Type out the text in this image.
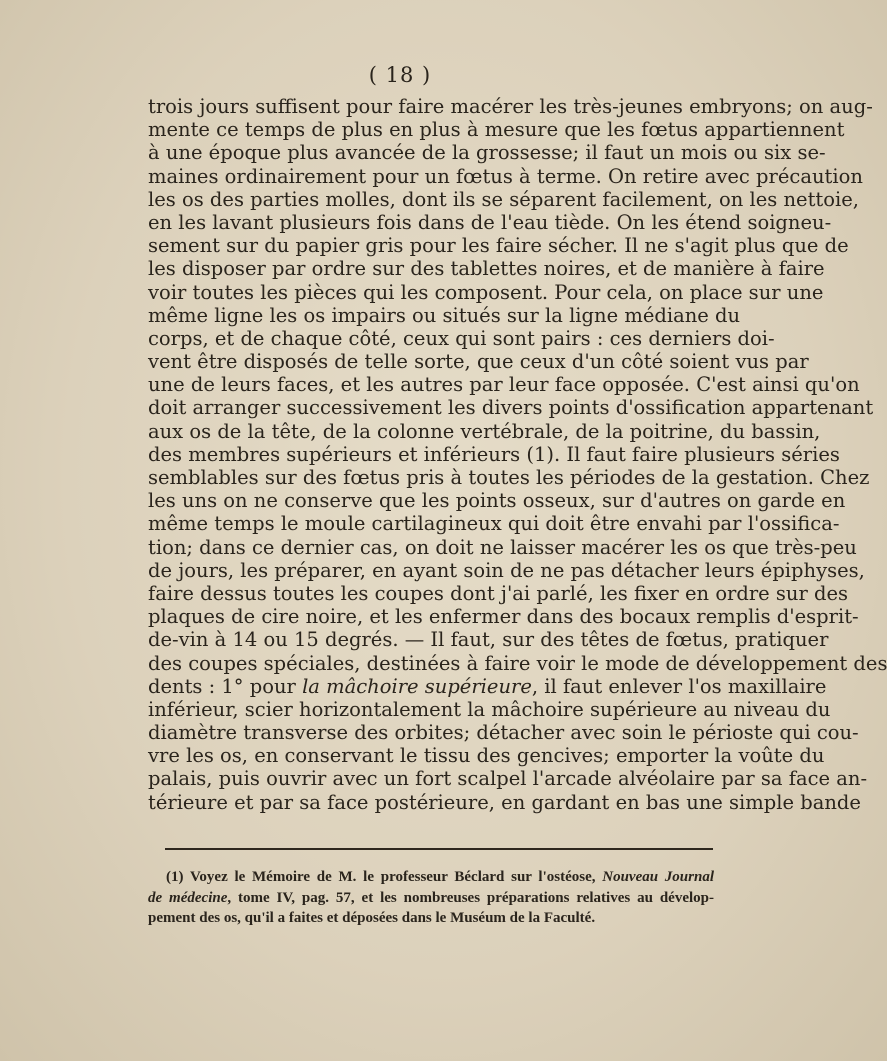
( 18 )
trois jours suffisent pour faire macérer les très-jeunes embryons; on aug-
mente ce temps de plus en plus à mesure que les fœtus appartiennent
à une époque plus avancée de la grossesse; il faut un mois ou six se-
maines ordinairement pour un fœtus à terme. On retire avec précaution
les os des parties molles, dont ils se séparent facilement, on les nettoie,
en les lavant plusieurs fois dans de l'eau tiède. On les étend soigneu-
sement sur du papier gris pour les faire sécher. Il ne s'agit plus que de
les disposer par ordre sur des tablettes noires, et de manière à faire
voir toutes les pièces qui les composent. Pour cela, on place sur une
même ligne les os impairs ou situés sur la ligne médiane du
corps, et de chaque côté, ceux qui sont pairs : ces derniers doi-
vent être disposés de telle sorte, que ceux d'un côté soient vus par
une de leurs faces, et les autres par leur face opposée. C'est ainsi qu'on
doit arranger successivement les divers points d'ossification appartenant
aux os de la tête, de la colonne vertébrale, de la poitrine, du bassin,
des membres supérieurs et inférieurs (1). Il faut faire plusieurs séries
semblables sur des fœtus pris à toutes les périodes de la gestation. Chez
les uns on ne conserve que les points osseux, sur d'autres on garde en
même temps le moule cartilagineux qui doit être envahi par l'ossifica-
tion; dans ce dernier cas, on doit ne laisser macérer les os que très-peu
de jours, les préparer, en ayant soin de ne pas détacher leurs épiphyses,
faire dessus toutes les coupes dont j'ai parlé, les fixer en ordre sur des
plaques de cire noire, et les enfermer dans des bocaux remplis d'esprit-
de-vin à 14 ou 15 degrés. — Il faut, sur des têtes de fœtus, pratiquer
des coupes spéciales, destinées à faire voir le mode de développement des
dents : 1° pour la mâchoire supérieure, il faut enlever l'os maxillaire
inférieur, scier horizontalement la mâchoire supérieure au niveau du
diamètre transverse des orbites; détacher avec soin le périoste qui cou-
vre les os, en conservant le tissu des gencives; emporter la voûte du
palais, puis ouvrir avec un fort scalpel l'arcade alvéolaire par sa face an-
térieure et par sa face postérieure, en gardant en bas une simple bande
(1) Voyez le Mémoire de M. le professeur Béclard sur l'ostéose, Nouveau Journal
de médecine, tome IV, pag. 57, et les nombreuses préparations relatives au dévelop-
pement des os, qu'il a faites et déposées dans le Muséum de la Faculté.
